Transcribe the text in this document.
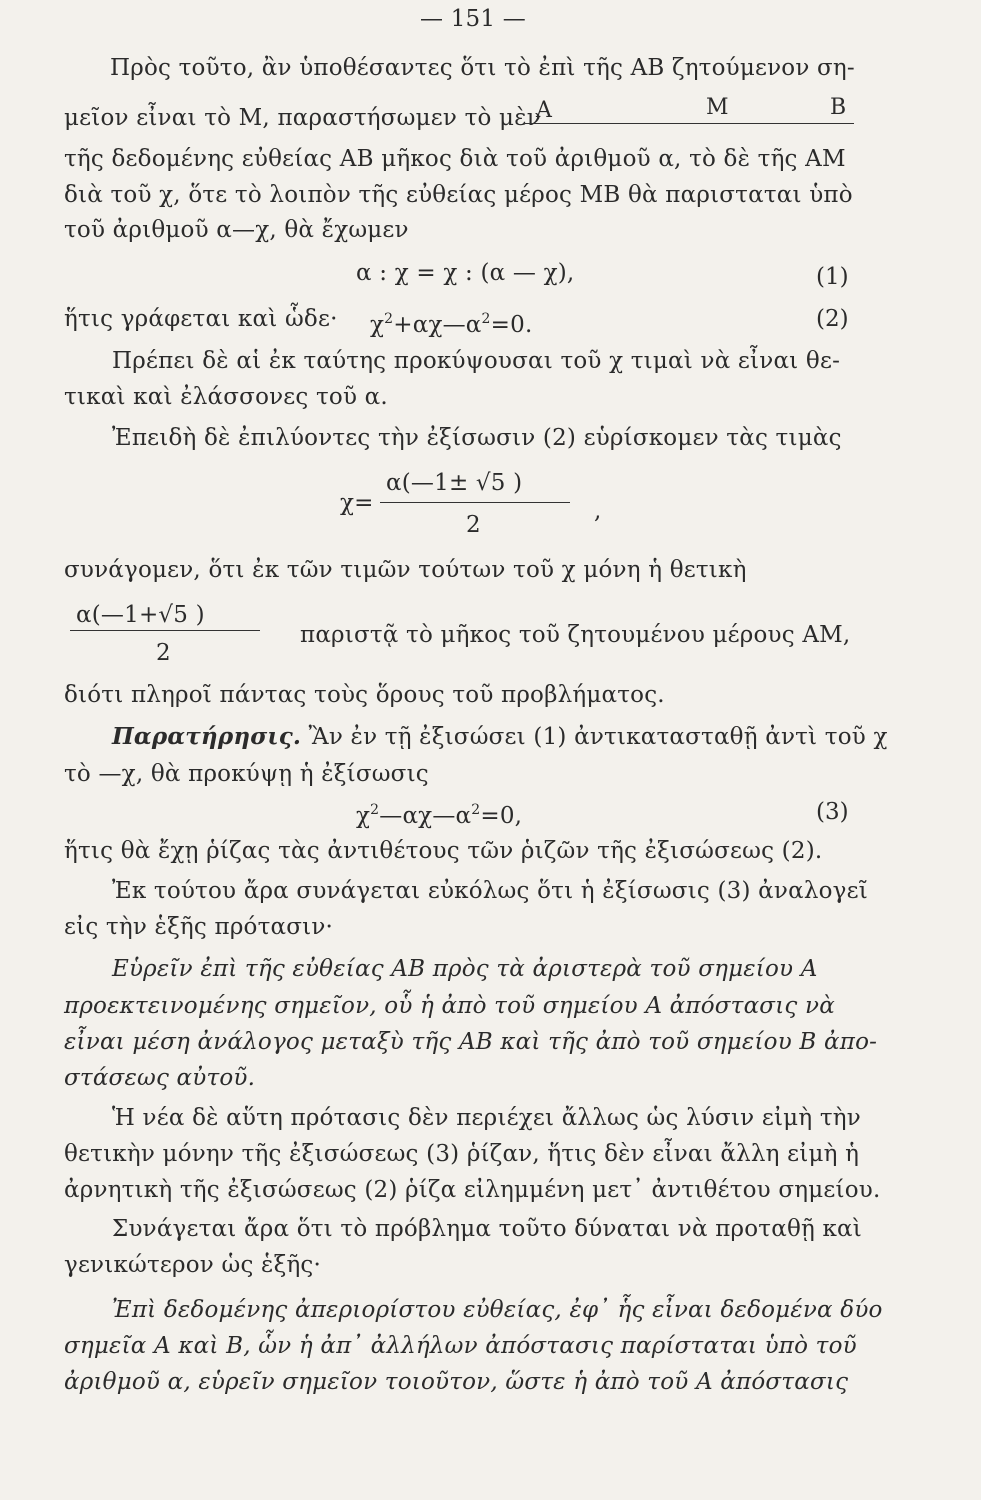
— 151 —
Πρὸς τοῦτο, ἂν ὑποθέσαντες ὅτι τὸ ἐπὶ τῆς ΑΒ ζητούμενον ση-
μεῖον εἶναι τὸ Μ, παραστήσωμεν τὸ μὲν
A	M	B
τῆς δεδομένης εὐθείας ΑΒ μῆκος διὰ τοῦ ἀριθμοῦ α, τὸ δὲ τῆς ΑΜ
διὰ τοῦ χ, ὅτε τὸ λοιπὸν τῆς εὐθείας μέρος ΜΒ θὰ παρισταται ὑπὸ
τοῦ ἀριθμοῦ α—χ, θὰ ἔχωμεν
α : χ = χ : (α — χ),	(1)
ἥτις γράφεται καὶ ὧδε· $\chi^2+\alpha\chi—\alpha^2=0$.	(2)
Πρέπει δὲ αἱ ἐκ ταύτης προκύψουσαι τοῦ χ τιμαὶ νὰ εἶναι θε-
τικαὶ καὶ ἐλάσσονες τοῦ α.
Ἐπειδὴ δὲ ἐπιλύοντες τὴν ἐξίσωσιν (2) εὑρίσκομεν τὰς τιμὰς
χ=
α(—1± √5 )
2
,
συνάγομεν, ὅτι ἐκ τῶν τιμῶν τούτων τοῦ χ μόνη ἡ θετικὴ
α(—1+√5 )
2
παριστᾷ τὸ μῆκος τοῦ ζητουμένου μέρους ΑΜ,
διότι πληροῖ πάντας τοὺς ὅρους τοῦ προβλήματος.
Παρατήρησις. Ἂν ἐν τῇ ἐξισώσει (1) ἀντικατασταθῇ ἀντὶ τοῦ χ
τὸ —χ, θὰ προκύψῃ ἡ ἐξίσωσις
$\chi^2—\alpha\chi—\alpha^2=0$,	(3)
ἥτις θὰ ἔχῃ ῥίζας τὰς ἀντιθέτους τῶν ῥιζῶν τῆς ἐξισώσεως (2).
Ἐκ τούτου ἄρα συνάγεται εὐκόλως ὅτι ἡ ἐξίσωσις (3) ἀναλογεῖ
εἰς τὴν ἑξῆς πρότασιν·
Εὑρεῖν ἐπὶ τῆς εὐθείας ΑΒ πρὸς τὰ ἀριστερὰ τοῦ σημείου Α
προεκτεινομένης σημεῖον, οὗ ἡ ἀπὸ τοῦ σημείου Α ἀπόστασις νὰ
εἶναι μέση ἀνάλογος μεταξὺ τῆς ΑΒ καὶ τῆς ἀπὸ τοῦ σημείου Β ἀπο-
στάσεως αὐτοῦ.
Ἡ νέα δὲ αὕτη πρότασις δὲν περιέχει ἄλλως ὡς λύσιν εἰμὴ τὴν
θετικὴν μόνην τῆς ἐξισώσεως (3) ῥίζαν, ἥτις δὲν εἶναι ἄλλη εἰμὴ ἡ
ἀρνητικὴ τῆς ἐξισώσεως (2) ῥίζα εἰλημμένη μετ᾽ ἀντιθέτου σημείου.
Συνάγεται ἄρα ὅτι τὸ πρόβλημα τοῦτο δύναται νὰ προταθῇ καὶ
γενικώτερον ὡς ἑξῆς·
Ἐπὶ δεδομένης ἀπεριορίστου εὐθείας, ἐφ᾽ ἧς εἶναι δεδομένα δύο
σημεῖα Α καὶ Β, ὧν ἡ ἀπ᾽ ἀλλήλων ἀπόστασις παρίσταται ὑπὸ τοῦ
ἀριθμοῦ α, εὑρεῖν σημεῖον τοιοῦτον, ὥστε ἡ ἀπὸ τοῦ Α ἀπόστασις
